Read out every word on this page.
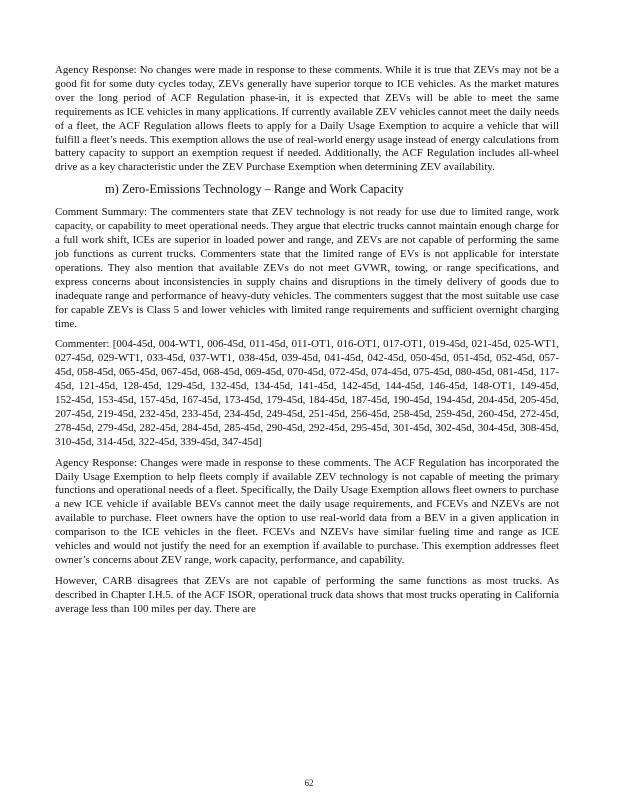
Agency Response: No changes were made in response to these comments. While it is true that ZEVs may not be a good fit for some duty cycles today, ZEVs generally have superior torque to ICE vehicles. As the market matures over the long period of ACF Regulation phase-in, it is expected that ZEVs will be able to meet the same requirements as ICE vehicles in many applications. If currently available ZEV vehicles cannot meet the daily needs of a fleet, the ACF Regulation allows fleets to apply for a Daily Usage Exemption to acquire a vehicle that will fulfill a fleet’s needs. This exemption allows the use of real-world energy usage instead of energy calculations from battery capacity to support an exemption request if needed. Additionally, the ACF Regulation includes all-wheel drive as a key characteristic under the ZEV Purchase Exemption when determining ZEV availability.

m) Zero-Emissions Technology – Range and Work Capacity

Comment Summary: The commenters state that ZEV technology is not ready for use due to limited range, work capacity, or capability to meet operational needs. They argue that electric trucks cannot maintain enough charge for a full work shift, ICEs are superior in loaded power and range, and ZEVs are not capable of performing the same job functions as current trucks. Commenters state that the limited range of EVs is not applicable for interstate operations. They also mention that available ZEVs do not meet GVWR, towing, or range specifications, and express concerns about inconsistencies in supply chains and disruptions in the timely delivery of goods due to inadequate range and performance of heavy-duty vehicles. The commenters suggest that the most suitable use case for capable ZEVs is Class 5 and lower vehicles with limited range requirements and sufficient overnight charging time.

Commenter: [004-45d, 004-WT1, 006-45d, 011-45d, 011-OT1, 016-OT1, 017-OT1, 019-45d, 021-45d, 025-WT1, 027-45d, 029-WT1, 033-45d, 037-WT1, 038-45d, 039-45d, 041-45d, 042-45d, 050-45d, 051-45d, 052-45d, 057-45d, 058-45d, 065-45d, 067-45d, 068-45d, 069-45d, 070-45d, 072-45d, 074-45d, 075-45d, 080-45d, 081-45d, 117-45d, 121-45d, 128-45d, 129-45d, 132-45d, 134-45d, 141-45d, 142-45d, 144-45d, 146-45d, 148-OT1, 149-45d, 152-45d, 153-45d, 157-45d, 167-45d, 173-45d, 179-45d, 184-45d, 187-45d, 190-45d, 194-45d, 204-45d, 205-45d, 207-45d, 219-45d, 232-45d, 233-45d, 234-45d, 249-45d, 251-45d, 256-45d, 258-45d, 259-45d, 260-45d, 272-45d, 278-45d, 279-45d, 282-45d, 284-45d, 285-45d, 290-45d, 292-45d, 295-45d, 301-45d, 302-45d, 304-45d, 308-45d, 310-45d, 314-45d, 322-45d, 339-45d, 347-45d]

Agency Response: Changes were made in response to these comments. The ACF Regulation has incorporated the Daily Usage Exemption to help fleets comply if available ZEV technology is not capable of meeting the primary functions and operational needs of a fleet. Specifically, the Daily Usage Exemption allows fleet owners to purchase a new ICE vehicle if available BEVs cannot meet the daily usage requirements, and FCEVs and NZEVs are not available to purchase. Fleet owners have the option to use real-world data from a BEV in a given application in comparison to the ICE vehicles in the fleet. FCEVs and NZEVs have similar fueling time and range as ICE vehicles and would not justify the need for an exemption if available to purchase. This exemption addresses fleet owner’s concerns about ZEV range, work capacity, performance, and capability.

However, CARB disagrees that ZEVs are not capable of performing the same functions as most trucks. As described in Chapter I.H.5. of the ACF ISOR, operational truck data shows that most trucks operating in California average less than 100 miles per day. There are

62
